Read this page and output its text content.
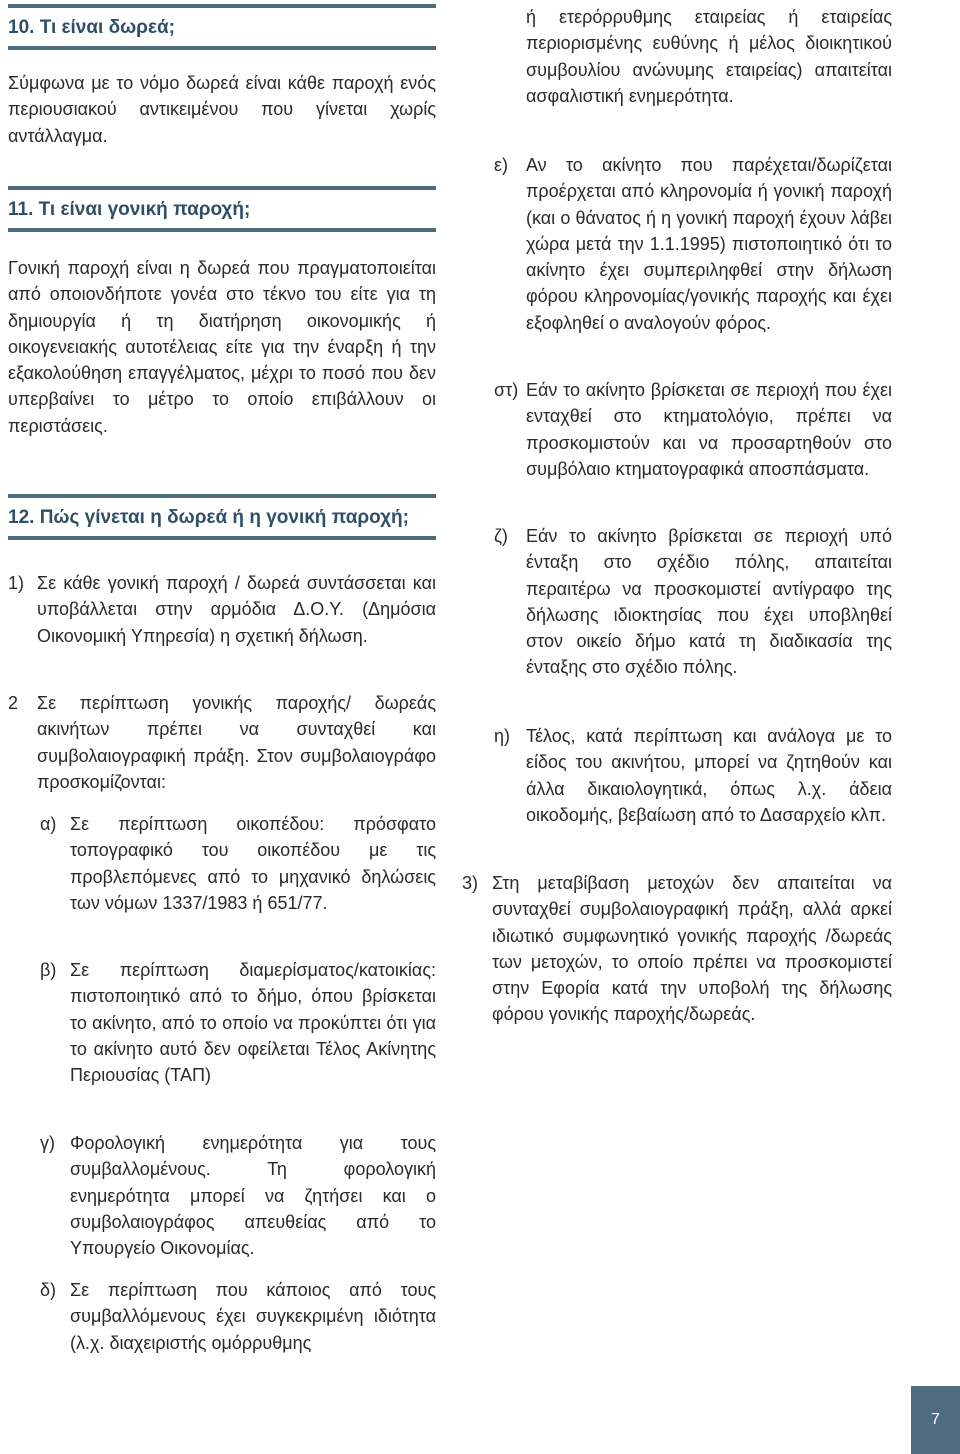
10. Τι είναι δωρεά;
Σύμφωνα με το νόμο δωρεά είναι κάθε παροχή ενός περιουσιακού αντικειμένου που γίνεται χωρίς αντάλλαγμα.
11. Τι είναι γονική παροχή;
Γονική παροχή είναι η δωρεά που πραγματοποιείται από οποιονδήποτε γονέα στο τέκνο του είτε για τη δημιουργία ή τη διατήρηση οικονομικής ή οικογενειακής αυτοτέλειας είτε για την έναρξη ή την εξακολούθηση επαγγέλματος, μέχρι το ποσό που δεν υπερβαίνει το μέτρο το οποίο επιβάλλουν οι περιστάσεις.
12. Πώς γίνεται η δωρεά ή η γονική παροχή;
1) Σε κάθε γονική παροχή / δωρεά συντάσσεται και υποβάλλεται στην αρμόδια Δ.Ο.Υ. (Δημόσια Οικονομική Υπηρεσία) η σχετική δήλωση.
2 Σε περίπτωση γονικής παροχής/ δωρεάς ακινήτων πρέπει να συνταχθεί και συμβολαιογραφική πράξη. Στον συμβολαιογράφο προσκομίζονται:
α) Σε περίπτωση οικοπέδου: πρόσφατο τοπογραφικό του οικοπέδου με τις προβλεπόμενες από το μηχανικό δηλώσεις των νόμων 1337/1983 ή 651/77.
β) Σε περίπτωση διαμερίσματος/κατοικίας: πιστοποιητικό από το δήμο, όπου βρίσκεται το ακίνητο, από το οποίο να προκύπτει ότι για το ακίνητο αυτό δεν οφείλεται Τέλος Ακίνητης Περιουσίας (ΤΑΠ)
γ) Φορολογική ενημερότητα για τους συμβαλλομένους. Τη φορολογική ενημερότητα μπορεί να ζητήσει και ο συμβολαιογράφος απευθείας από το Υπουργείο Οικονομίας.
δ) Σε περίπτωση που κάποιος από τους συμβαλλόμενους έχει συγκεκριμένη ιδιότητα (λ.χ. διαχειριστής ομόρρυθμης
ή ετερόρρυθμης εταιρείας ή εταιρείας περιορισμένης ευθύνης ή μέλος διοικητικού συμβουλίου ανώνυμης εταιρείας) απαιτείται ασφαλιστική ενημερότητα.
ε) Αν το ακίνητο που παρέχεται/δωρίζεται προέρχεται από κληρονομία ή γονική παροχή (και ο θάνατος ή η γονική παροχή έχουν λάβει χώρα μετά την 1.1.1995) πιστοποιητικό ότι το ακίνητο έχει συμπεριληφθεί στην δήλωση φόρου κληρονομίας/γονικής παροχής και έχει εξοφληθεί ο αναλογούν φόρος.
στ) Εάν το ακίνητο βρίσκεται σε περιοχή που έχει ενταχθεί στο κτηματολόγιο, πρέπει να προσκομιστούν και να προσαρτηθούν στο συμβόλαιο κτηματογραφικά αποσπάσματα.
ζ) Εάν το ακίνητο βρίσκεται σε περιοχή υπό ένταξη στο σχέδιο πόλης, απαιτείται περαιτέρω να προσκομιστεί αντίγραφο της δήλωσης ιδιοκτησίας που έχει υποβληθεί στον οικείο δήμο κατά τη διαδικασία της ένταξης στο σχέδιο πόλης.
η) Τέλος, κατά περίπτωση και ανάλογα με το είδος του ακινήτου, μπορεί να ζητηθούν και άλλα δικαιολογητικά, όπως λ.χ. άδεια οικοδομής, βεβαίωση από το Δασαρχείο κλπ.
3) Στη μεταβίβαση μετοχών δεν απαιτείται να συνταχθεί συμβολαιογραφική πράξη, αλλά αρκεί ιδιωτικό συμφωνητικό γονικής παροχής /δωρεάς των μετοχών, το οποίο πρέπει να προσκομιστεί στην Εφορία κατά την υποβολή της δήλωσης φόρου γονικής παροχής/δωρεάς.
7
